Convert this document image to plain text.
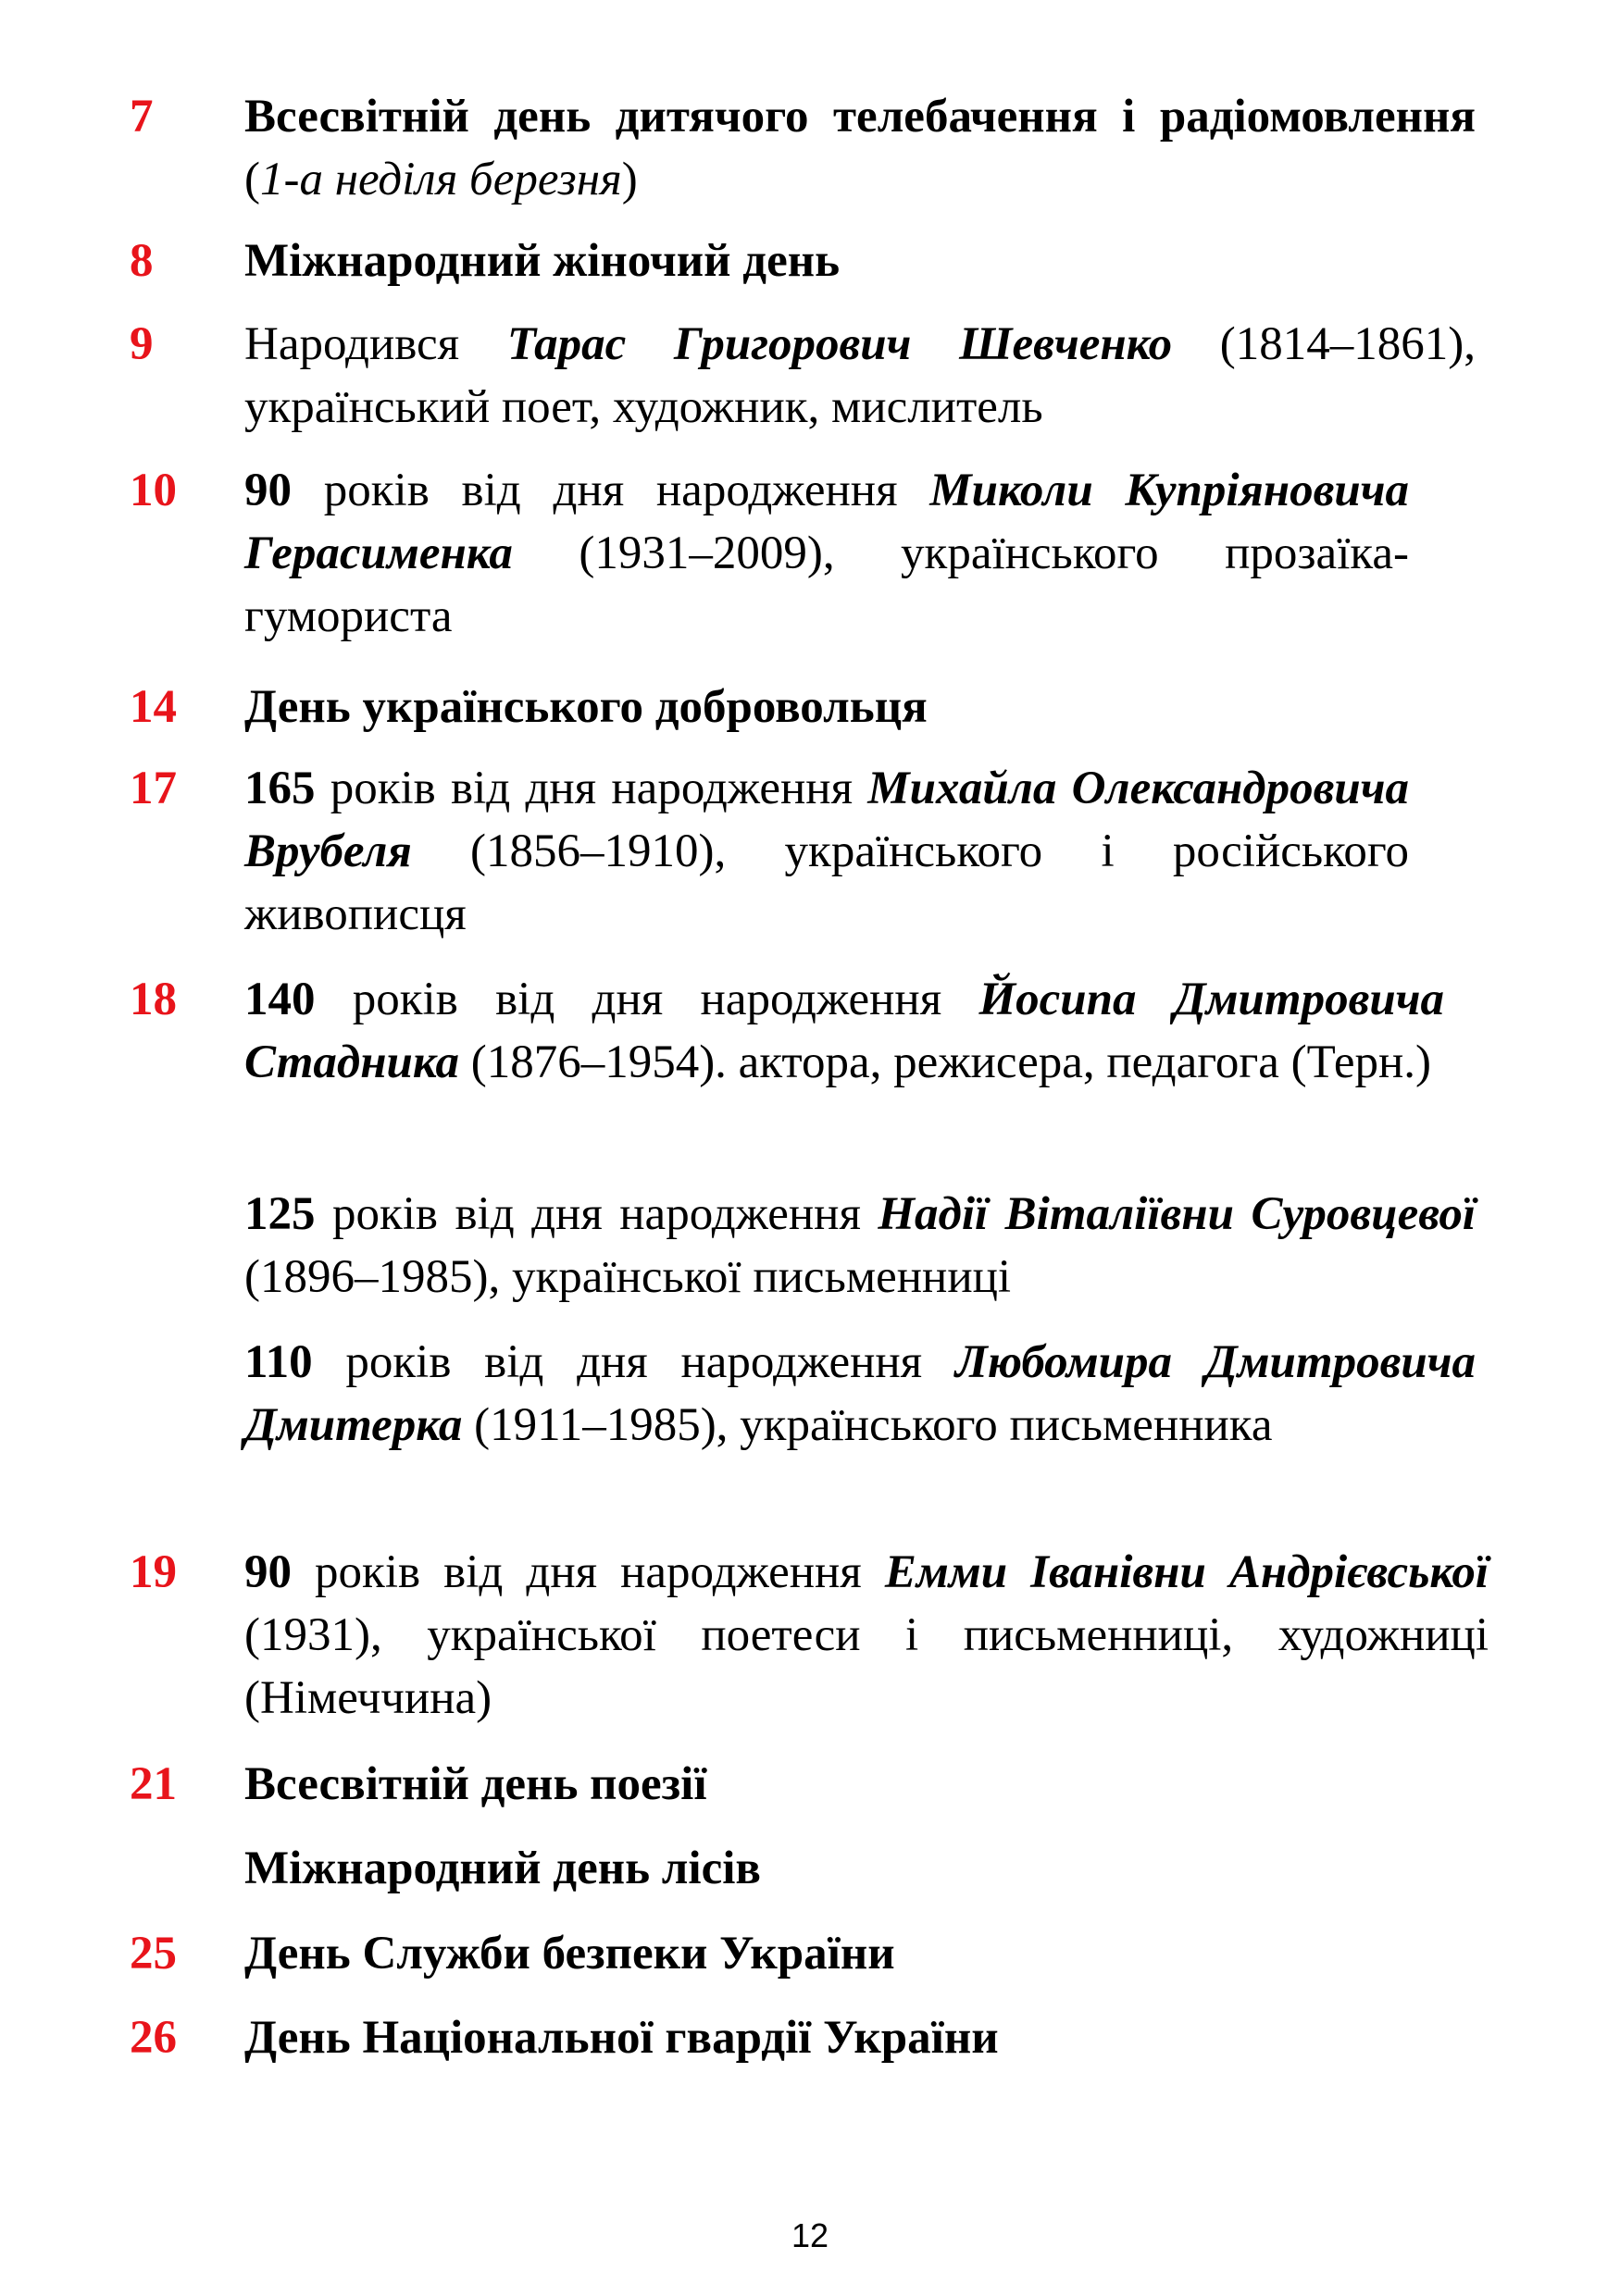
7 Всесвітній день дитячого телебачення і радіомовлення (1-а неділя березня)
8 Міжнародний жіночий день
9 Народився Тарас Григорович Шевченко (1814–1861), український поет, художник, мислитель
10 90 років від дня народження Миколи Купріяновича Герасименка (1931–2009), українського прозаїка-гумориста
14 День українського добровольця
17 165 років від дня народження Михайла Олександровича Врубеля (1856–1910), українського і російського живописця
18 140 років від дня народження Йосипа Дмитровича Стадника (1876–1954). актора, режисера, педагога (Терн.)
125 років від дня народження Надії Віталіївни Суровцевої (1896–1985), української письменниці
110 років від дня народження Любомира Дмитровича Дмитерка (1911–1985), українського письменника
19 90 років від дня народження Емми Іванівни Андрієвської (1931), української поетеси і письменниці, художниці (Німеччина)
21 Всесвітній день поезії
Міжнародний день лісів
25 День Служби безпеки України
26 День Національної гвардії України
12
